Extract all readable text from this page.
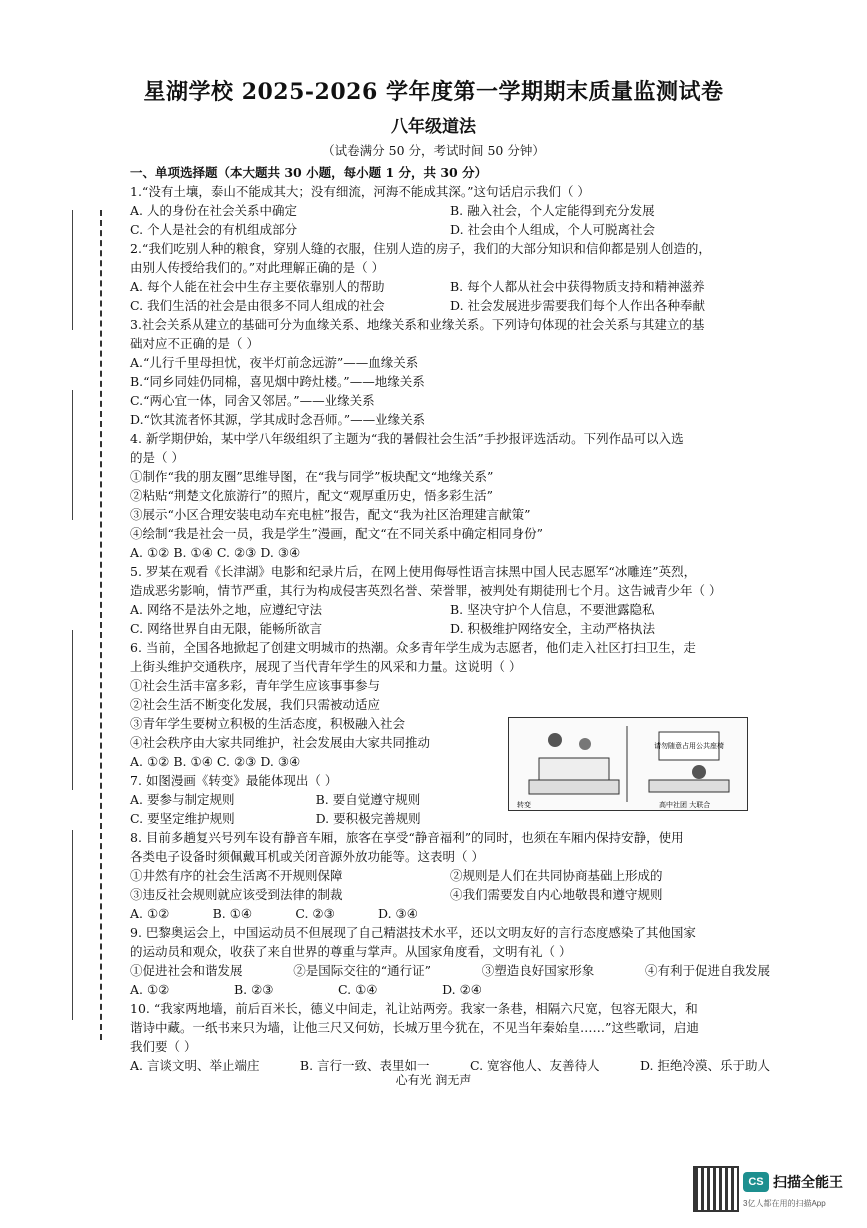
星湖学校 2025-2026 学年度第一学期期末质量监测试卷
八年级道法
（试卷满分 50 分，考试时间 50 分钟）

一、单项选择题（本大题共 30 小题，每小题 1 分，共 30 分）

1.“没有土壤，泰山不能成其大；没有细流，河海不能成其深。”这句话启示我们（ ）

A. 人的身份在社会关系中确定	B. 融入社会，个人定能得到充分发展
C. 个人是社会的有机组成部分	D. 社会由个人组成，个人可脱离社会

2.“我们吃别人种的粮食，穿别人缝的衣服，住别人造的房子，我们的大部分知识和信仰都是别人创造的，

由别人传授给我们的。”对此理解正确的是（ ）

A. 每个人能在社会中生存主要依靠别人的帮助	B. 每个人都从社会中获得物质支持和精神滋养
C. 我们生活的社会是由很多不同人组成的社会	D. 社会发展进步需要我们每个人作出各种奉献

3.社会关系从建立的基础可分为血缘关系、地缘关系和业缘关系。下列诗句体现的社会关系与其建立的基

础对应不正确的是（ ）

A.“儿行千里母担忧，夜半灯前念远游”——血缘关系

B.“同乡同娃仍同棉，喜见烟中跨灶楼。”——地缘关系

C.“两心宜一体，同舍又邻居。”——业缘关系

D.“饮其流者怀其源，学其成时念吾师。”——业缘关系

4. 新学期伊始，某中学八年级组织了主题为“我的暑假社会生活”手抄报评选活动。下列作品可以入选

的是（ ）

①制作“我的朋友圈”思维导图，在“我与同学”板块配文“地缘关系”

②粘贴“荆楚文化旅游行”的照片，配文“观厚重历史，悟多彩生活”

③展示“小区合理安装电动车充电桩”报告，配文“我为社区治理建言献策”

④绘制“我是社会一员，我是学生”漫画，配文“在不同关系中确定相同身份”

A. ①② B. ①④ C. ②③ D. ③④

5. 罗某在观看《长津湖》电影和纪录片后，在网上使用侮辱性语言抹黑中国人民志愿军“冰雕连”英烈，

造成恶劣影响，情节严重，其行为构成侵害英烈名誉、荣誉罪，被判处有期徒刑七个月。这告诫青少年（ ）

A. 网络不是法外之地，应遵纪守法	B. 坚决守护个人信息，不要泄露隐私
C. 网络世界自由无限，能畅所欲言	D. 积极维护网络安全，主动严格执法

6. 当前，全国各地掀起了创建文明城市的热潮。众多青年学生成为志愿者，他们走入社区打扫卫生，走

上街头维护交通秩序，展现了当代青年学生的风采和力量。这说明（ ）

①社会生活丰富多彩，青年学生应该事事参与

②社会生活不断变化发展，我们只需被动适应

③青年学生要树立积极的生活态度，积极融入社会

④社会秩序由大家共同维护，社会发展由大家共同推动

A. ①② B. ①④ C. ②③ D. ③④

7. 如图漫画《转变》最能体现出（ ）

A. 要参与制定规则	B. 要自觉遵守规则
C. 要坚定维护规则	D. 要积极完善规则

8. 目前多趟复兴号列车设有静音车厢，旅客在享受“静音福利”的同时，也须在车厢内保持安静，使用

各类电子设备时须佩戴耳机或关闭音源外放功能等。这表明（ ）

①井然有序的社会生活离不开规则保障	②规则是人们在共同协商基础上形成的
③违反社会规则就应该受到法律的制裁	④我们需要发自内心地敬畏和遵守规则
A. ①②	B. ①④	C. ②③	D. ③④

9. 巴黎奥运会上，中国运动员不但展现了自己精湛技术水平，还以文明友好的言行态度感染了其他国家

的运动员和观众，收获了来自世界的尊重与掌声。从国家角度看，文明有礼（ ）

①促进社会和谐发展	②是国际交往的“通行证”	③塑造良好国家形象	④有利于促进自我发展
A. ①②	B. ②③	C. ①④	D. ②④

10. “我家两地墙，前后百米长，德义中间走，礼让站两旁。我家一条巷，相隔六尺宽，包容无限大，和

谐诗中藏。一纸书来只为墙，让他三尺又何妨，长城万里今犹在，不见当年秦始皇……”这些歌词，启迪

我们要（ ）

A. 言谈文明、举止端庄	B. 言行一致、表里如一	C. 宽容他人、友善待人	D. 拒绝冷漠、乐于助人
请勿随意占用公共座椅
转变	高中社团 大联合
心有光 润无声
CS 扫描全能王
3亿人都在用的扫描App
